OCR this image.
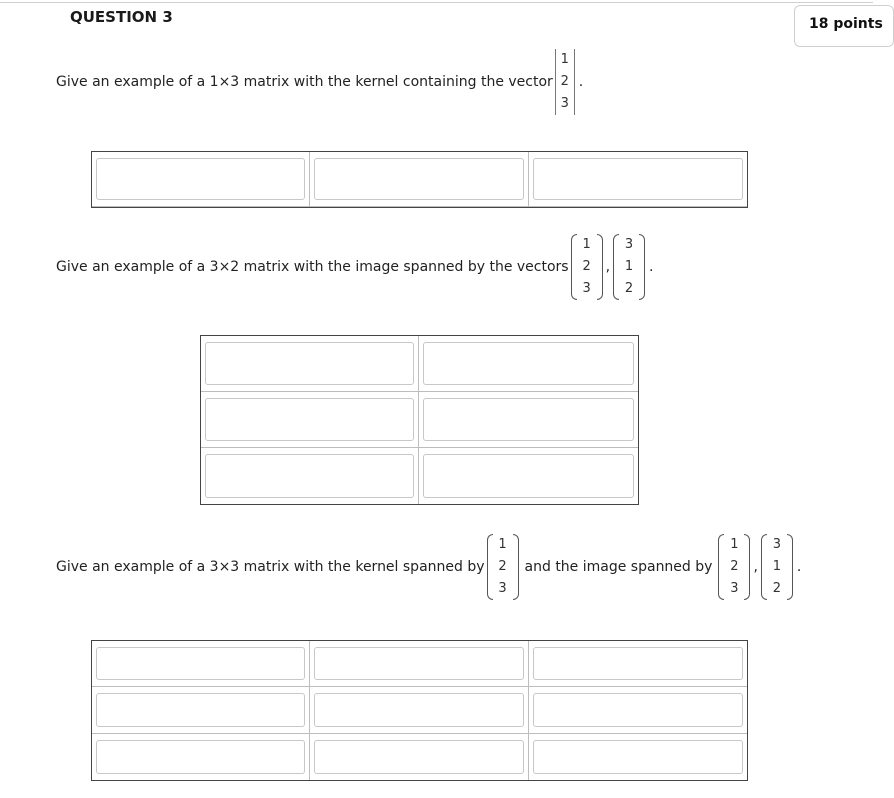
QUESTION 3	18 points
Give an example of a 1×3 matrix with the kernel containing the vector
1
2
3
.
Give an example of a 3×2 matrix with the image spanned by the vectors
1
2
3
,
3
1
2
.
Give an example of a 3×3 matrix with the kernel spanned by
1
2
3
and the image spanned by
1
2
3
,
3
1
2
.
